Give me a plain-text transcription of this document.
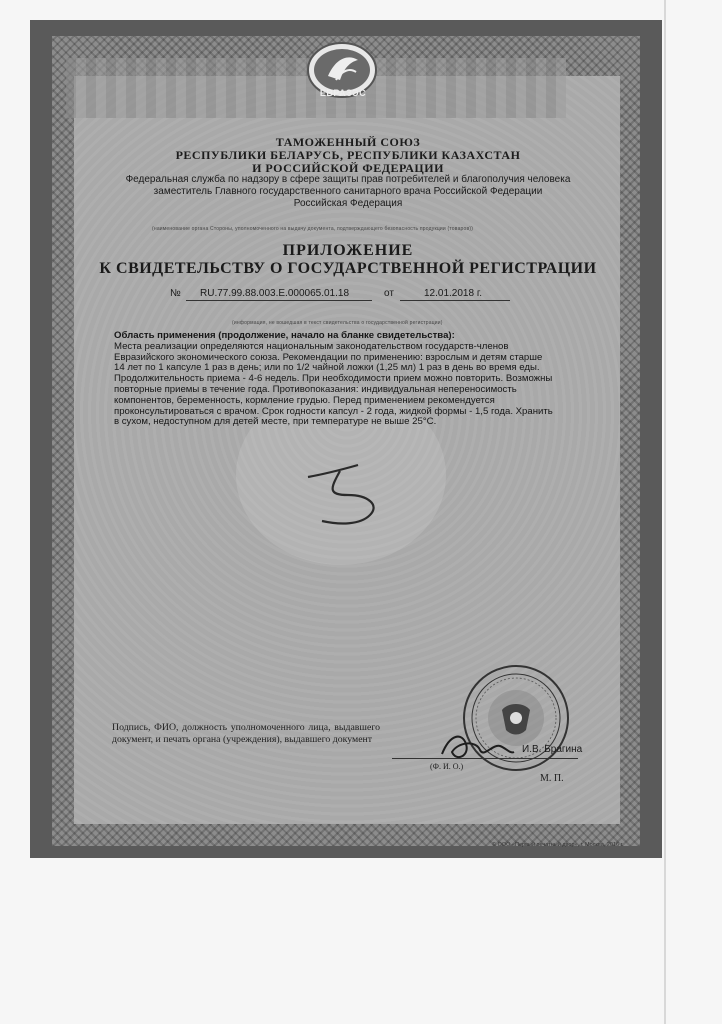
ЕВРАЗЭС
ТАМОЖЕННЫЙ СОЮЗ
РЕСПУБЛИКИ БЕЛАРУСЬ, РЕСПУБЛИКИ КАЗАХСТАН
И РОССИЙСКОЙ ФЕДЕРАЦИИ
Федеральная служба по надзору в сфере защиты прав потребителей и благополучия человека
заместитель Главного государственного санитарного врача Российской Федерации
Российская Федерация
(наименование органа Стороны, уполномоченного на выдачу документа, подтверждающего безопасность продукции (товаров))
ПРИЛОЖЕНИЕ
К СВИДЕТЕЛЬСТВУ О ГОСУДАРСТВЕННОЙ РЕГИСТРАЦИИ
№ RU.77.99.88.003.Е.000065.01.18	от	12.01.2018 г.
(информация, не вошедшая в текст свидетельства о государственной регистрации)
Область применения (продолжение, начало на бланке свидетельства):
Места реализации определяются национальным законодательством государств-членов
Евразийского экономического союза. Рекомендации по применению: взрослым и детям старше
14 лет по 1 капсуле 1 раз в день; или по 1/2 чайной ложки (1,25 мл) 1 раз в день во время еды.
Продолжительность приема - 4-6 недель. При необходимости прием можно повторить. Возможны
повторные приемы в течение года. Противопоказания: индивидуальная непереносимость
компонентов, беременность, кормление грудью. Перед применением рекомендуется
проконсультироваться с врачом. Срок годности капсул - 2 года, жидкой формы - 1,5 года. Хранить
в сухом, недоступном для детей месте, при температуре не выше 25°С.
Подпись, ФИО, должность уполномоченного лица, выдавшего документ, и печать органа (учреждения), выдавшего документ
И.В. Брагина
(Ф. И. О.)
М. П.
© ООО «Первый печатный двор», г. Москва, 2016 г.
